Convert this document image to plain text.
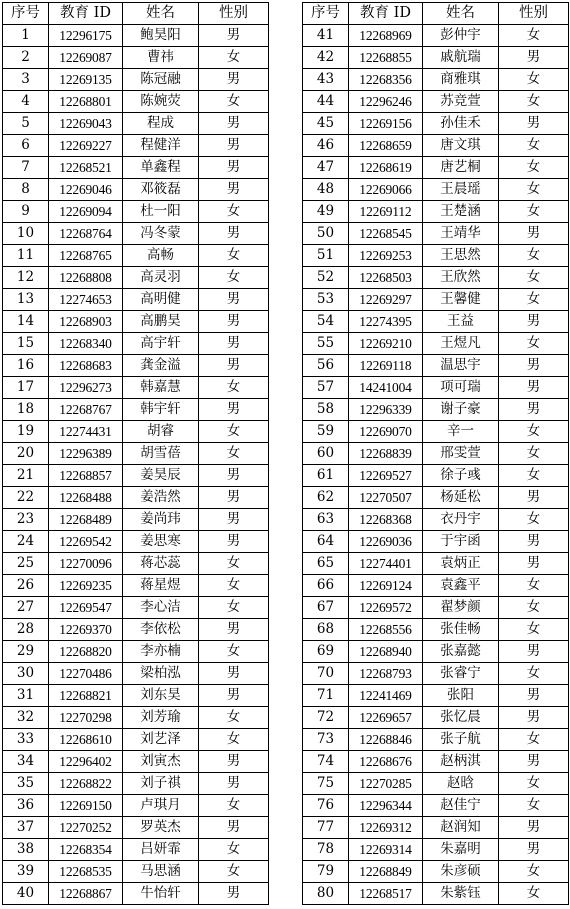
序号	教育 ID	姓名	性别
1	12296175	鲍昊阳	男
2	12269087	曹祎	女
3	12269135	陈冠融	男
4	12268801	陈婉荧	女
5	12269043	程成	男
6	12269227	程健洋	男
7	12268521	单鑫程	男
8	12269046	邓筱磊	男
9	12269094	杜一阳	女
10	12268764	冯冬蒙	男
11	12268765	高畅	女
12	12268808	高灵羽	女
13	12274653	高明健	男
14	12268903	高鹏昊	男
15	12268340	高宇轩	男
16	12268683	龚金溢	男
17	12296273	韩嘉慧	女
18	12268767	韩宇轩	男
19	12274431	胡睿	女
20	12296389	胡雪蓓	女
21	12268857	姜昊辰	男
22	12268488	姜浩然	男
23	12268489	姜尚玮	男
24	12269542	姜思寒	男
25	12270096	蒋芯蕊	女
26	12269235	蒋星煜	女
27	12269547	李心洁	女
28	12269370	李依松	男
29	12268820	李亦楠	女
30	12270486	梁柏泓	男
31	12268821	刘东昊	男
32	12270298	刘芳瑜	女
33	12268610	刘艺泽	女
34	12296402	刘寅杰	男
35	12268822	刘子祺	男
36	12269150	卢琪月	女
37	12270252	罗英杰	男
38	12268354	吕妍霏	女
39	12268535	马思涵	女
40	12268867	牛怡轩	男
序号	教育 ID	姓名	性别
41	12268969	彭仲宇	女
42	12268855	戚航瑞	男
43	12268356	商雅琪	女
44	12296246	苏竞萱	女
45	12269156	孙佳禾	男
46	12268659	唐文琪	女
47	12268619	唐艺桐	女
48	12269066	王晨瑶	女
49	12269112	王楚涵	女
50	12268545	王靖华	男
51	12269253	王思然	女
52	12268503	王欣然	女
53	12269297	王馨健	女
54	12274395	王益	男
55	12269210	王煜凡	女
56	12269118	温思宇	男
57	14241004	项可瑞	男
58	12296339	谢子豪	男
59	12269070	辛一	女
60	12268839	邢雯萱	女
61	12269527	徐子彧	女
62	12270507	杨延松	男
63	12268368	衣丹宇	女
64	12269036	于宇函	男
65	12274401	袁炳正	男
66	12269124	袁鑫平	女
67	12269572	翟梦颜	女
68	12268556	张佳畅	女
69	12268940	张嘉懿	男
70	12268793	张睿宁	女
71	12241469	张阳	男
72	12269657	张忆晨	男
73	12268846	张子航	女
74	12268676	赵柄淇	男
75	12270285	赵晗	女
76	12296344	赵佳宁	女
77	12269312	赵润知	男
78	12269314	朱嘉明	男
79	12268849	朱彦硕	女
80	12268517	朱紫钰	女
